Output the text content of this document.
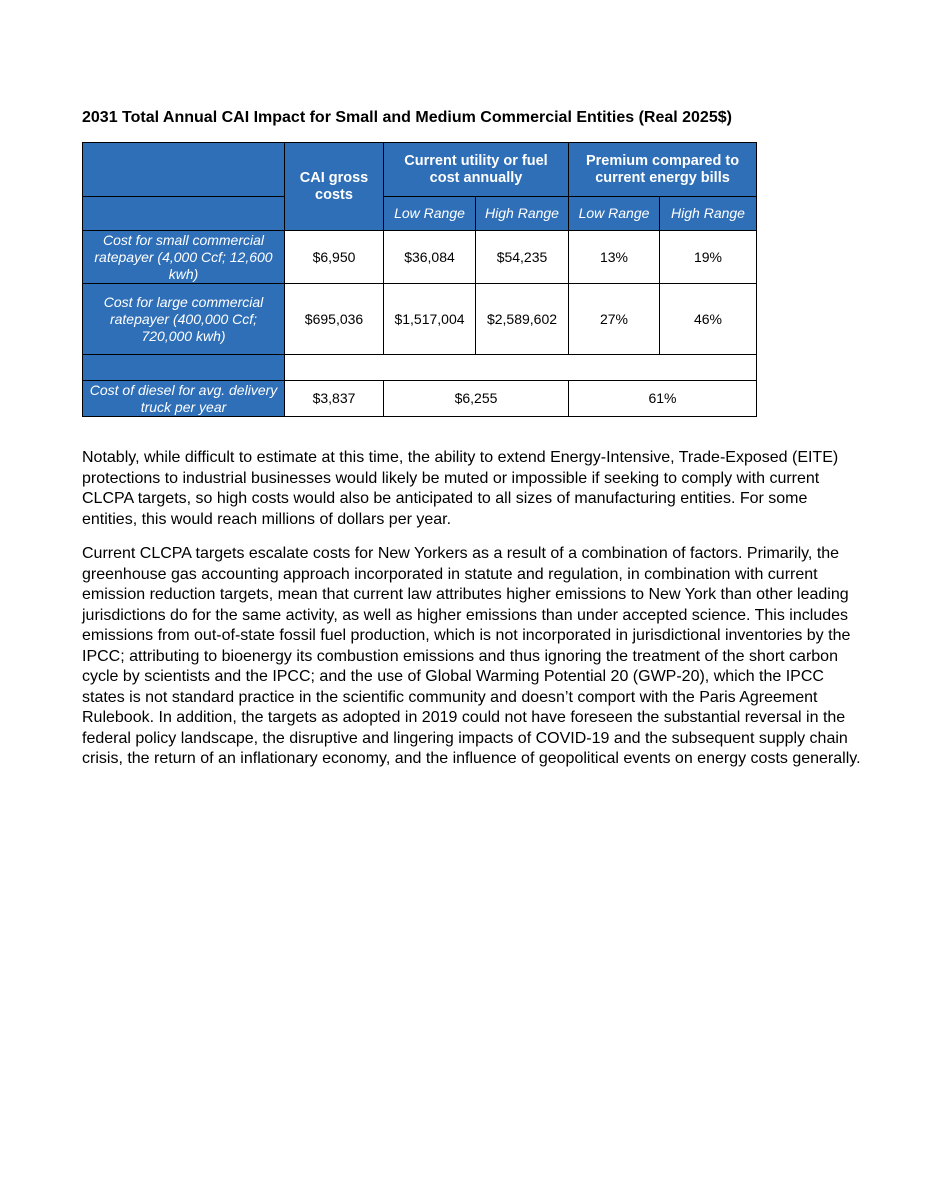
2031 Total Annual CAI Impact for Small and Medium Commercial Entities (Real 2025$)
	CAI gross costs	Current utility or fuel cost annually		Premium compared to current energy bills	
		Low Range	High Range	Low Range	High Range
Cost for small commercial ratepayer (4,000 Ccf; 12,600 kwh)	$6,950	$36,084	$54,235	13%	19%
Cost for large commercial ratepayer (400,000 Ccf; 720,000 kwh)	$695,036	$1,517,004	$2,589,602	27%	46%

Cost of diesel for avg. delivery truck per year	$3,837	$6,255		61%	

Notably, while difficult to estimate at this time, the ability to extend Energy-Intensive, Trade-Exposed (EITE) protections to industrial businesses would likely be muted or impossible if seeking to comply with current CLCPA targets, so high costs would also be anticipated to all sizes of manufacturing entities. For some entities, this would reach millions of dollars per year.

Current CLCPA targets escalate costs for New Yorkers as a result of a combination of factors. Primarily, the greenhouse gas accounting approach incorporated in statute and regulation, in combination with current emission reduction targets, mean that current law attributes higher emissions to New York than other leading jurisdictions do for the same activity, as well as higher emissions than under accepted science. This includes emissions from out-of-state fossil fuel production, which is not incorporated in jurisdictional inventories by the IPCC; attributing to bioenergy its combustion emissions and thus ignoring the treatment of the short carbon cycle by scientists and the IPCC; and the use of Global Warming Potential 20 (GWP-20), which the IPCC states is not standard practice in the scientific community and doesn’t comport with the Paris Agreement Rulebook. In addition, the targets as adopted in 2019 could not have foreseen the substantial reversal in the federal policy landscape, the disruptive and lingering impacts of COVID-19 and the subsequent supply chain crisis, the return of an inflationary economy, and the influence of geopolitical events on energy costs generally.
